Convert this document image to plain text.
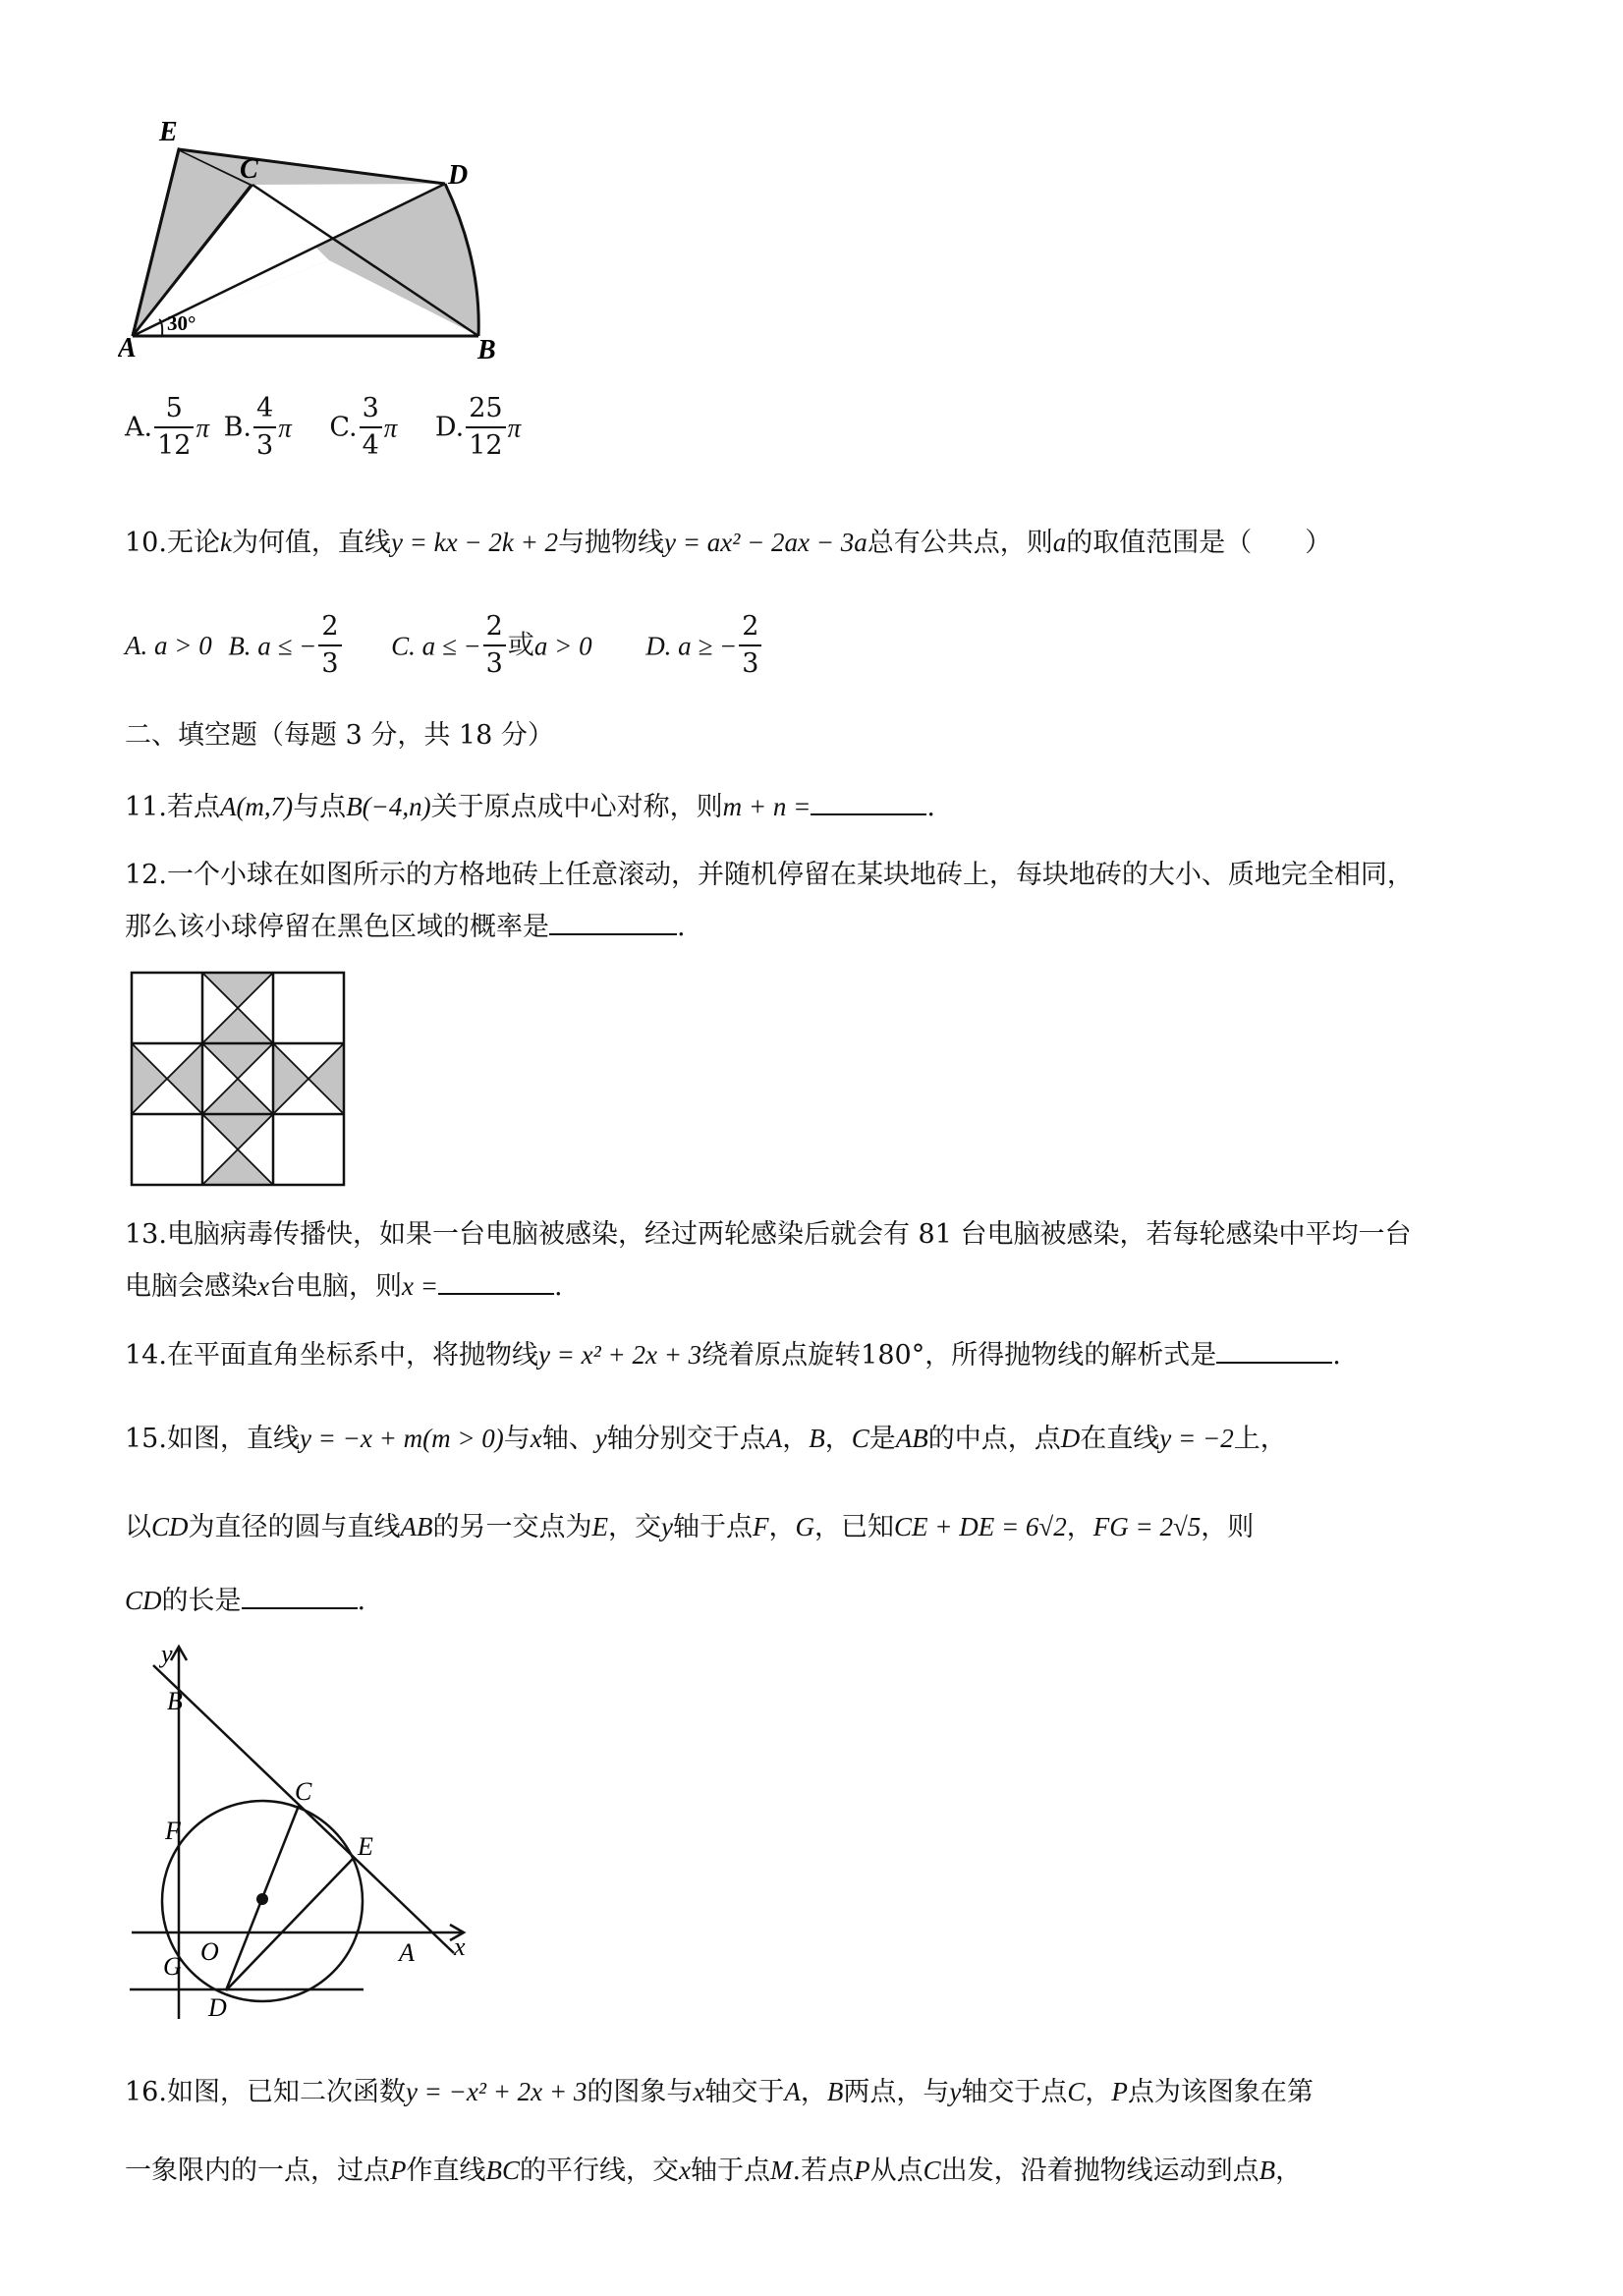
E
C	D
A	B
30°
A. $\frac{5}{12}$ π B. $\frac{4}{3}$ π C. $\frac{3}{4}$ π D. $\frac{25}{12}$ π
10.无论k为何值，直线y = kx − 2k + 2与抛物线y = ax² − 2ax − 3a总有公共点，则a的取值范围是（　　）
A. a > 0 B. a ≤ − $\frac{2}{3} C$. a ≤ − $\frac{2}{3}$ 或a > 0 D. a ≥ − $\frac{2}{3}$
二、填空题（每题 3 分，共 18 分）
11.若点A(m,7)与点B(−4,n)关于原点成中心对称，则m + n =	.
12.一个小球在如图所示的方格地砖上任意滚动，并随机停留在某块地砖上，每块地砖的大小、质地完全相同，
那么该小球停留在黑色区域的概率是	.
13.电脑病毒传播快，如果一台电脑被感染，经过两轮感染后就会有 81 台电脑被感染，若每轮感染中平均一台
电脑会感染x台电脑，则x =	.
14.在平面直角坐标系中，将抛物线y = x² + 2x + 3绕着原点旋转180°，所得抛物线的解析式是	.
15.如图，直线y = −x + m(m > 0)与x轴、y轴分别交于点A，B，C是AB的中点，点D在直线y = −2上，
以CD为直径的圆与直线AB的另一交点为E，交y轴于点F，G，已知CE + DE = 6√2，FG = 2√5，则
CD的长是	.
y
B
C
F
E
O
G	A x
D
16.如图，已知二次函数y = −x² + 2x + 3的图象与x轴交于A，B两点，与y轴交于点C，P点为该图象在第
一象限内的一点，过点P作直线BC的平行线，交x轴于点M.若点P从点C出发，沿着抛物线运动到点B，
